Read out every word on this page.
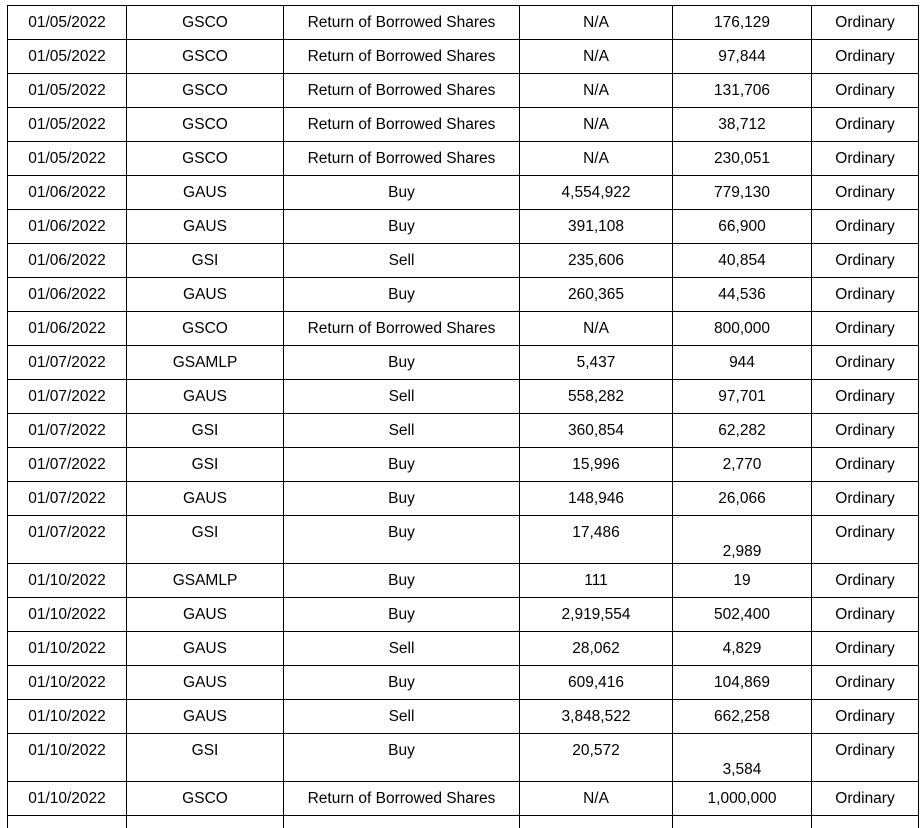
01/05/2022	GSCO	Return of Borrowed Shares	N/A	176,129	Ordinary
01/05/2022	GSCO	Return of Borrowed Shares	N/A	97,844	Ordinary
01/05/2022	GSCO	Return of Borrowed Shares	N/A	131,706	Ordinary
01/05/2022	GSCO	Return of Borrowed Shares	N/A	38,712	Ordinary
01/05/2022	GSCO	Return of Borrowed Shares	N/A	230,051	Ordinary
01/06/2022	GAUS	Buy	4,554,922	779,130	Ordinary
01/06/2022	GAUS	Buy	391,108	66,900	Ordinary
01/06/2022	GSI	Sell	235,606	40,854	Ordinary
01/06/2022	GAUS	Buy	260,365	44,536	Ordinary
01/06/2022	GSCO	Return of Borrowed Shares	N/A	800,000	Ordinary
01/07/2022	GSAMLP	Buy	5,437	944	Ordinary
01/07/2022	GAUS	Sell	558,282	97,701	Ordinary
01/07/2022	GSI	Sell	360,854	62,282	Ordinary
01/07/2022	GSI	Buy	15,996	2,770	Ordinary
01/07/2022	GAUS	Buy	148,946	26,066	Ordinary
01/07/2022	GSI	Buy	17,486	2,989	Ordinary
01/10/2022	GSAMLP	Buy	111	19	Ordinary
01/10/2022	GAUS	Buy	2,919,554	502,400	Ordinary
01/10/2022	GAUS	Sell	28,062	4,829	Ordinary
01/10/2022	GAUS	Buy	609,416	104,869	Ordinary
01/10/2022	GAUS	Sell	3,848,522	662,258	Ordinary
01/10/2022	GSI	Buy	20,572	3,584	Ordinary
01/10/2022	GSCO	Return of Borrowed Shares	N/A	1,000,000	Ordinary
